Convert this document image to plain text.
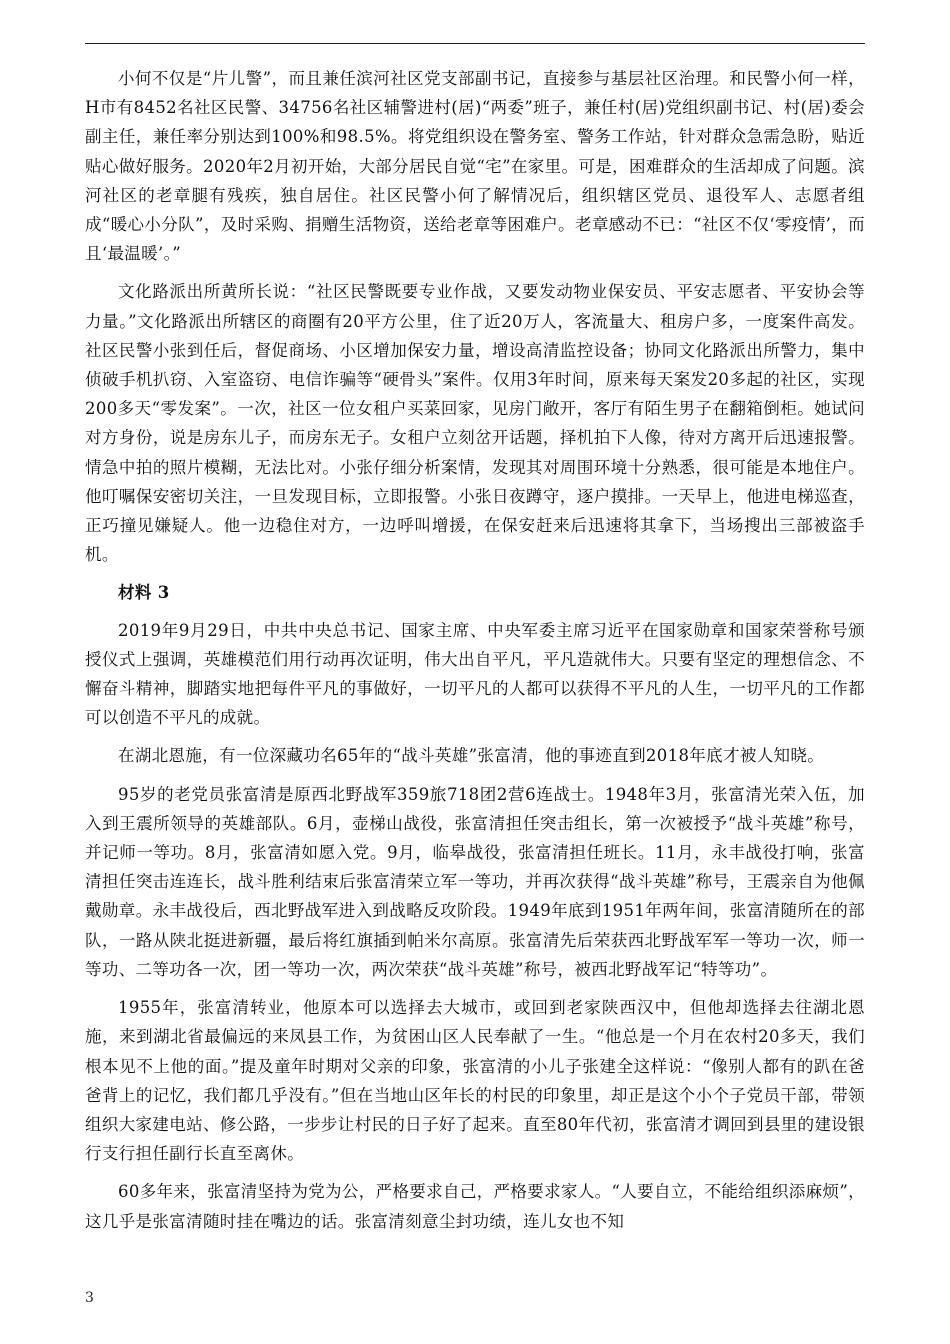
小何不仅是“片儿警”，而且兼任滨河社区党支部副书记，直接参与基层社区治理。和民警小何一样，H市有8452名社区民警、34756名社区辅警进村(居)“两委”班子，兼任村(居)党组织副书记、村(居)委会副主任，兼任率分别达到100%和98.5%。将党组织设在警务室、警务工作站，针对群众急需急盼，贴近贴心做好服务。2020年2月初开始，大部分居民自觉“宅”在家里。可是，困难群众的生活却成了问题。滨河社区的老章腿有残疾，独自居住。社区民警小何了解情况后，组织辖区党员、退役军人、志愿者组成“暖心小分队”，及时采购、捐赠生活物资，送给老章等困难户。老章感动不已：“社区不仅‘零疫情’，而且‘最温暖’。”

文化路派出所黄所长说：“社区民警既要专业作战，又要发动物业保安员、平安志愿者、平安协会等力量。”文化路派出所辖区的商圈有20平方公里，住了近20万人，客流量大、租房户多，一度案件高发。社区民警小张到任后，督促商场、小区增加保安力量，增设高清监控设备；协同文化路派出所警力，集中侦破手机扒窃、入室盗窃、电信诈骗等“硬骨头”案件。仅用3年时间，原来每天案发20多起的社区，实现200多天“零发案”。一次，社区一位女租户买菜回家，见房门敞开，客厅有陌生男子在翻箱倒柜。她试问对方身份，说是房东儿子，而房东无子。女租户立刻岔开话题，择机拍下人像，待对方离开后迅速报警。情急中拍的照片模糊，无法比对。小张仔细分析案情，发现其对周围环境十分熟悉，很可能是本地住户。他叮嘱保安密切关注，一旦发现目标，立即报警。小张日夜蹲守，逐户摸排。一天早上，他进电梯巡查，正巧撞见嫌疑人。他一边稳住对方，一边呼叫增援，在保安赶来后迅速将其拿下，当场搜出三部被盗手机。

材料 3

2019年9月29日，中共中央总书记、国家主席、中央军委主席习近平在国家勋章和国家荣誉称号颁授仪式上强调，英雄模范们用行动再次证明，伟大出自平凡，平凡造就伟大。只要有坚定的理想信念、不懈奋斗精神，脚踏实地把每件平凡的事做好，一切平凡的人都可以获得不平凡的人生，一切平凡的工作都可以创造不平凡的成就。

在湖北恩施，有一位深藏功名65年的“战斗英雄”张富清，他的事迹直到2018年底才被人知晓。

95岁的老党员张富清是原西北野战军359旅718团2营6连战士。1948年3月，张富清光荣入伍，加入到王震所领导的英雄部队。6月，壶梯山战役，张富清担任突击组长，第一次被授予“战斗英雄”称号，并记师一等功。8月，张富清如愿入党。9月，临皋战役，张富清担任班长。11月，永丰战役打响，张富清担任突击连连长，战斗胜利结束后张富清荣立军一等功，并再次获得“战斗英雄”称号，王震亲自为他佩戴勋章。永丰战役后，西北野战军进入到战略反攻阶段。1949年底到1951年两年间，张富清随所在的部队，一路从陕北挺进新疆，最后将红旗插到帕米尔高原。张富清先后荣获西北野战军军一等功一次，师一等功、二等功各一次，团一等功一次，两次荣获“战斗英雄”称号，被西北野战军记“特等功”。

1955年，张富清转业，他原本可以选择去大城市，或回到老家陕西汉中，但他却选择去往湖北恩施，来到湖北省最偏远的来凤县工作，为贫困山区人民奉献了一生。“他总是一个月在农村20多天，我们根本见不上他的面。”提及童年时期对父亲的印象，张富清的小儿子张建全这样说：“像别人都有的趴在爸爸背上的记忆，我们都几乎没有。”但在当地山区年长的村民的印象里，却正是这个小个子党员干部，带领组织大家建电站、修公路，一步步让村民的日子好了起来。直至80年代初，张富清才调回到县里的建设银行支行担任副行长直至离休。

60多年来，张富清坚持为党为公，严格要求自己，严格要求家人。“人要自立，不能给组织添麻烦”，这几乎是张富清随时挂在嘴边的话。张富清刻意尘封功绩，连儿女也不知

3
